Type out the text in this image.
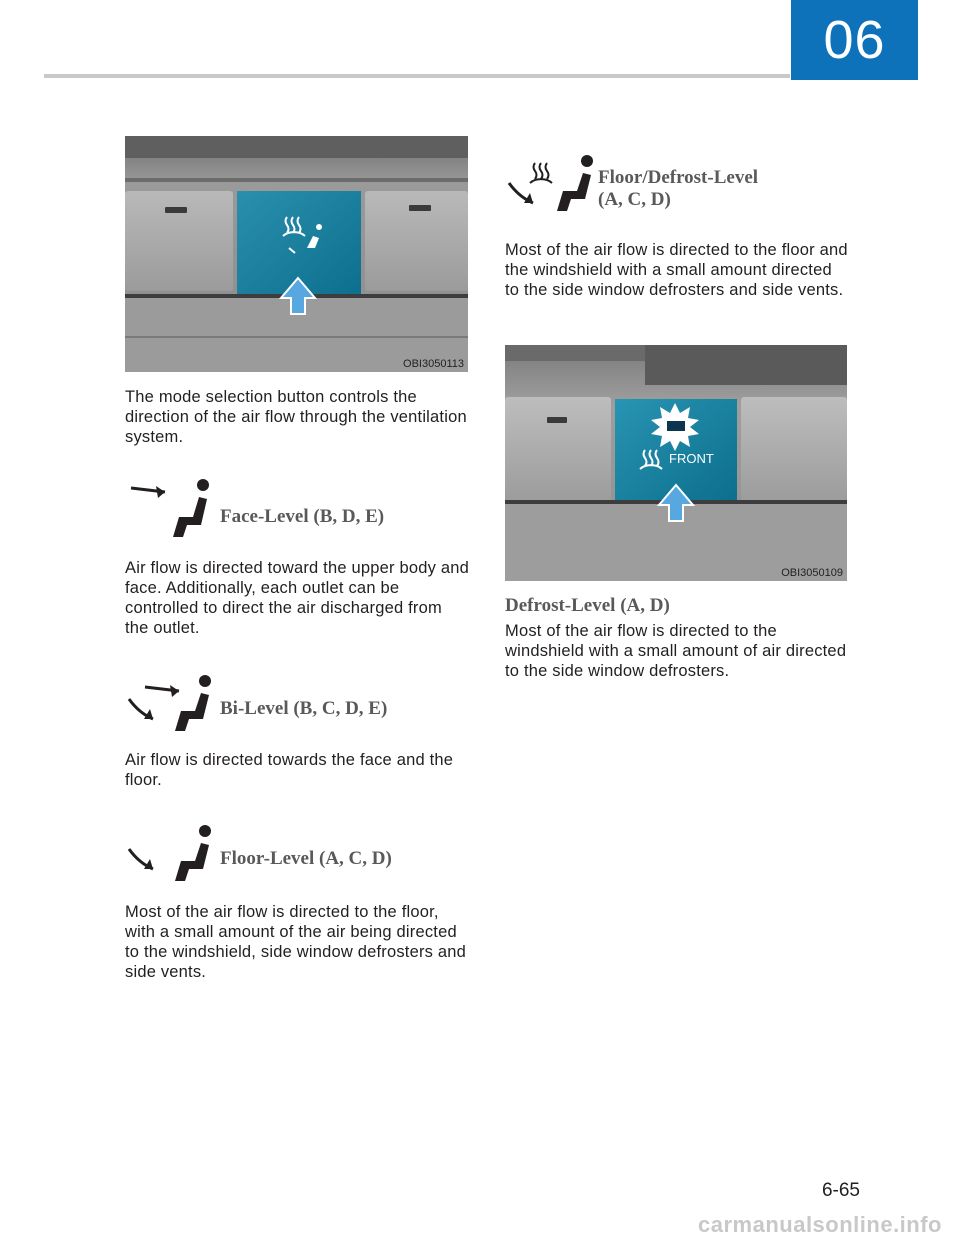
06
OBI3050113
The mode selection button controls the direction of the air flow through the ventilation system.
Face-Level (B, D, E)
Air flow is directed toward the upper body and face. Additionally, each outlet can be controlled to direct the air discharged from the outlet.
Bi-Level (B, C, D, E)
Air flow is directed towards the face and the floor.
Floor-Level (A, C, D)
Most of the air flow is directed to the floor, with a small amount of the air being directed to the windshield, side window defrosters and side vents.
Floor/Defrost-Level
(A, C, D)
Most of the air flow is directed to the floor and the windshield with a small amount directed to the side window defrosters and side vents.
FRONT
OBI3050109
Defrost-Level (A, D)
Most of the air flow is directed to the windshield with a small amount of air directed to the side window defrosters.
6-65
carmanualsonline.info
